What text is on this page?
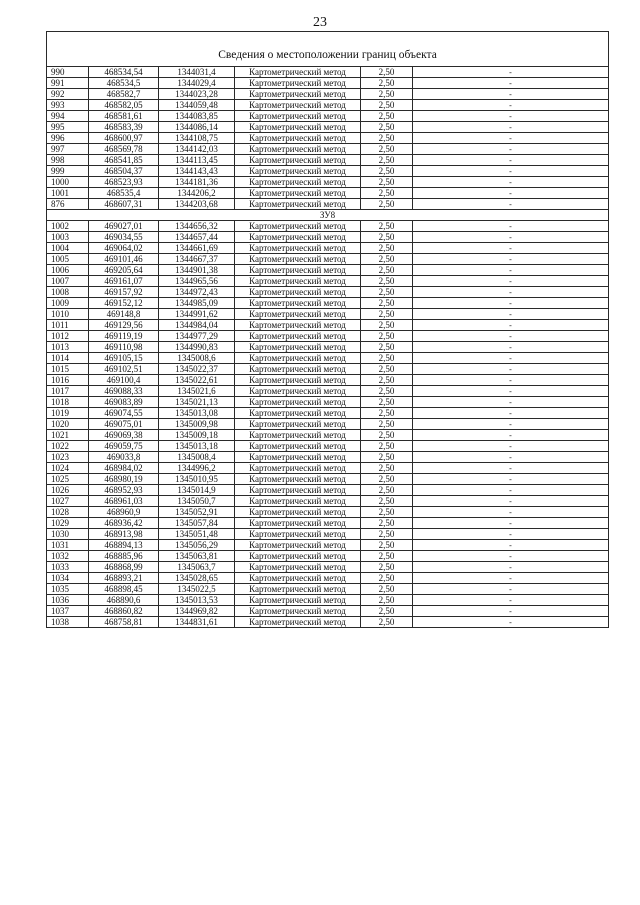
23
Сведения о местоположении границ объекта					
990	468534,54	1344031,4	Картометрический метод	2,50	-
991	468534,5	1344029,4	Картометрический метод	2,50	-
992	468582,7	1344023,28	Картометрический метод	2,50	-
993	468582,05	1344059,48	Картометрический метод	2,50	-
994	468581,61	1344083,85	Картометрический метод	2,50	-
995	468583,39	1344086,14	Картометрический метод	2,50	-
996	468600,97	1344108,75	Картометрический метод	2,50	-
997	468569,78	1344142,03	Картометрический метод	2,50	-
998	468541,85	1344113,45	Картометрический метод	2,50	-
999	468504,37	1344143,43	Картометрический метод	2,50	-
1000	468523,93	1344181,36	Картометрический метод	2,50	-
1001	468535,4	1344206,2	Картометрический метод	2,50	-
876	468607,31	1344203,68	Картометрический метод	2,50	-
ЗУ8					
1002	469027,01	1344656,32	Картометрический метод	2,50	-
1003	469034,55	1344657,44	Картометрический метод	2,50	-
1004	469064,02	1344661,69	Картометрический метод	2,50	-
1005	469101,46	1344667,37	Картометрический метод	2,50	-
1006	469205,64	1344901,38	Картометрический метод	2,50	-
1007	469161,07	1344965,56	Картометрический метод	2,50	-
1008	469157,92	1344972,43	Картометрический метод	2,50	-
1009	469152,12	1344985,09	Картометрический метод	2,50	-
1010	469148,8	1344991,62	Картометрический метод	2,50	-
1011	469129,56	1344984,04	Картометрический метод	2,50	-
1012	469119,19	1344977,29	Картометрический метод	2,50	-
1013	469110,98	1344990,83	Картометрический метод	2,50	-
1014	469105,15	1345008,6	Картометрический метод	2,50	-
1015	469102,51	1345022,37	Картометрический метод	2,50	-
1016	469100,4	1345022,61	Картометрический метод	2,50	-
1017	469088,33	1345021,6	Картометрический метод	2,50	-
1018	469083,89	1345021,13	Картометрический метод	2,50	-
1019	469074,55	1345013,08	Картометрический метод	2,50	-
1020	469075,01	1345009,98	Картометрический метод	2,50	-
1021	469069,38	1345009,18	Картометрический метод	2,50	-
1022	469059,75	1345013,18	Картометрический метод	2,50	-
1023	469033,8	1345008,4	Картометрический метод	2,50	-
1024	468984,02	1344996,2	Картометрический метод	2,50	-
1025	468980,19	1345010,95	Картометрический метод	2,50	-
1026	468952,93	1345014,9	Картометрический метод	2,50	-
1027	468961,03	1345050,7	Картометрический метод	2,50	-
1028	468960,9	1345052,91	Картометрический метод	2,50	-
1029	468936,42	1345057,84	Картометрический метод	2,50	-
1030	468913,98	1345051,48	Картометрический метод	2,50	-
1031	468894,13	1345056,29	Картометрический метод	2,50	-
1032	468885,96	1345063,81	Картометрический метод	2,50	-
1033	468868,99	1345063,7	Картометрический метод	2,50	-
1034	468893,21	1345028,65	Картометрический метод	2,50	-
1035	468898,45	1345022,5	Картометрический метод	2,50	-
1036	468890,6	1345013,53	Картометрический метод	2,50	-
1037	468860,82	1344969,82	Картометрический метод	2,50	-
1038	468758,81	1344831,61	Картометрический метод	2,50	-
